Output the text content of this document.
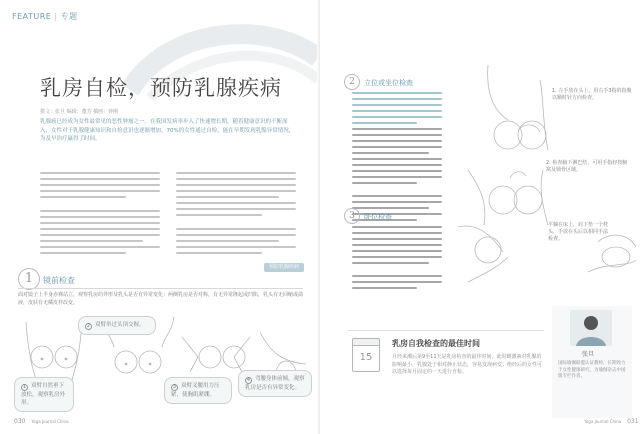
FEATURE | 专题
乳房自检，预防乳腺疾病
撰文：张旦 编辑：董芳 插画：钟刚
乳腺癌已经成为女性最常见的恶性肿瘤之一。在我国发病率步入了快速增长期，随着健康意识的不断深入，女性对于乳腺健康知识和自检意识也逐渐增加。70%的女性通过自检，能在早期发现乳腺异常情况，为及早治疗赢得了时间。
预防乳腺疾病
1	镜前检查
面对镜子上半身赤裸站立，观察乳房的外形及乳头是否有异常变化；两侧乳房是否对称，有无异常隆起或凹陷，乳头有无回缩或溢液，皮肤有无橘皮样改变。
2 双臂举过头顶交握。
1 双臂自然垂下放松，观察乳房外形。
3 双臂叉腰用力压紧，使胸肌紧绷。
4 弯腰身体前倾，观察乳房是否有异常变化。
030 Yoga Journal China
2	立位或坐位检查
1. 左手放在头上，用右手3指的指腹以顺时针方向检查。
2. 检查腋下淋巴结，可用手指轻按腋窝及锁骨区域。
3	卧位检查
平躺在床上，肩下垫一个枕头，手放在头后以相同手法检查。
15
乳房自我检查的最佳时间
月经来潮后第9至11天是乳房检查的最佳时间，此时雌激素对乳腺的影响最小，乳腺处于相对静止状态，容易发现病变；绝经后的女性可以选择每月固定的一天进行自检。
张旦
国际瑜伽联盟认证教师，长期致力于女性健康研究，为瑜伽杂志中国版专栏作者。
Yoga Journal China 031
